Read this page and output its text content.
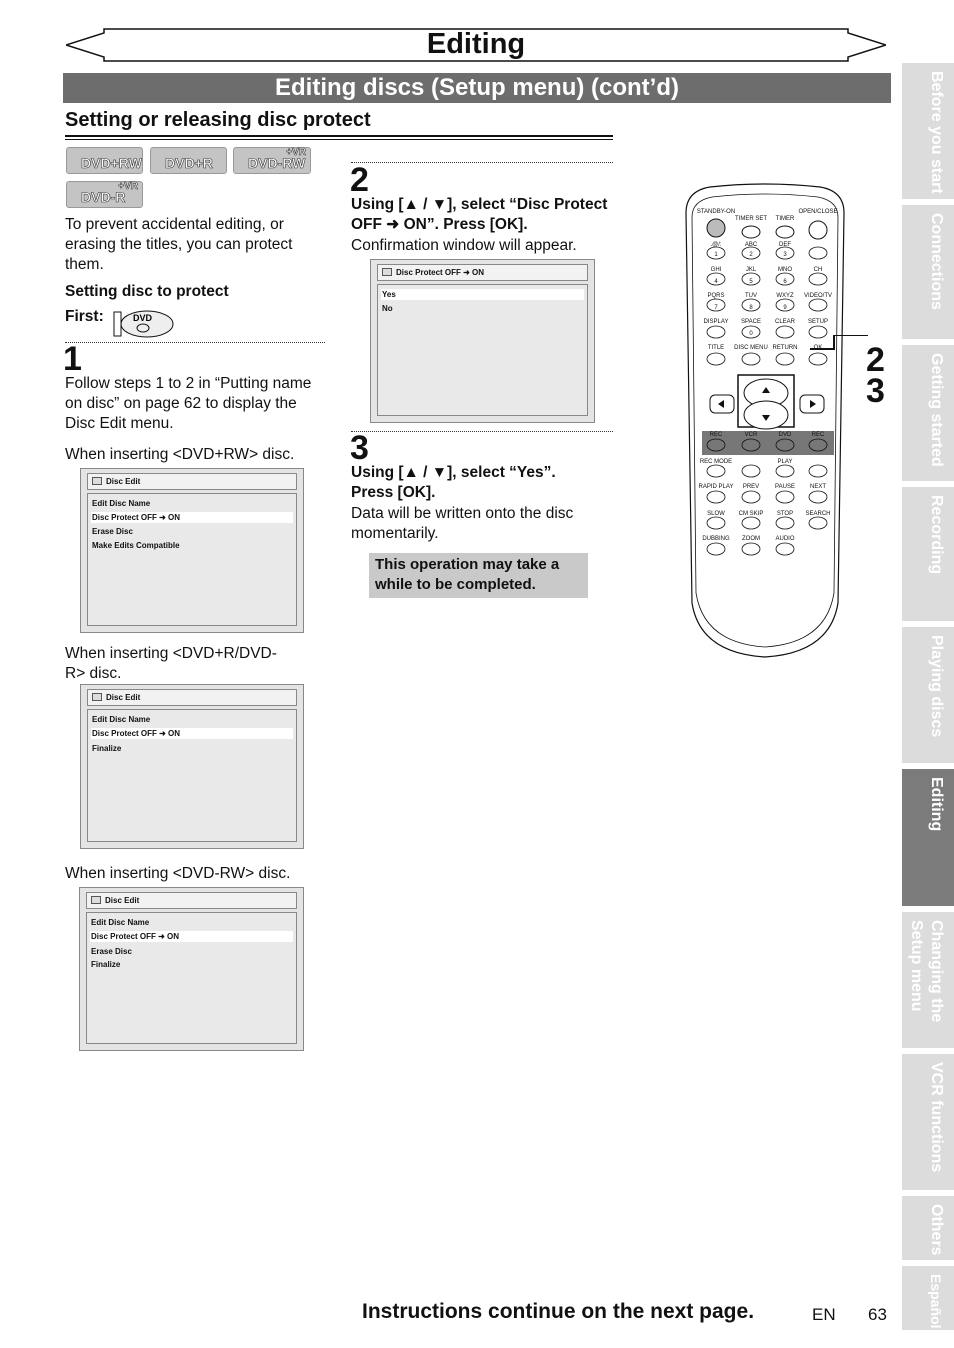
Editing
Editing discs (Setup menu) (cont’d)
Setting or releasing disc protect
DVD+RW DVD+R
+VR
DVD-RW
+VR
DVD-R
To prevent accidental editing, or erasing the titles, you can protect them.
Setting disc to protect
First:	DVD
1
Follow steps 1 to 2 in “Putting name on disc” on page 62 to display the Disc Edit menu.
When inserting <DVD+RW> disc.
Disc Edit
Edit Disc Name
Disc Protect OFF ➜ ON
Erase Disc
Make Edits Compatible
When inserting <DVD+R/DVD-R> disc.
Disc Edit
Edit Disc Name
Disc Protect OFF ➜ ON
Finalize
When inserting <DVD-RW> disc.
Disc Edit
Edit Disc Name
Disc Protect OFF ➜ ON
Erase Disc
Finalize
2
Using [▲ / ▼], select “Disc Protect OFF ➜ ON”. Press [OK].
Confirmation window will appear.
Disc Protect OFF ➜ ON
Yes
No
3
Using [▲ / ▼], select “Yes”. Press [OK].
Data will be written onto the disc momentarily.
This operation may take a while to be completed.
STANDBY-ON	OPEN/CLOSE
TIMER SET TIMER
.@/:	ABC	DEF
1	2	3
GHI	JKL	MNO	CH
4	5	6
PQRS	TUV	WXYZ VIDEO/TV
7	8	9
DISPLAY SPACE CLEAR SETUP
0
TITLE DISC MENU RETURN	OK
REC	VCR	DVD	REC
REC MODE	PLAY
RAPID PLAY PREV	PAUSE	NEXT
SLOW CM SKIP STOP SEARCH
DUBBING ZOOM	AUDIO
2
3
Before you start
Connections
Getting started
Recording
Playing discs
Editing
Changing the Setup menu
VCR functions
Others
Español
Instructions continue on the next page.	EN 63
